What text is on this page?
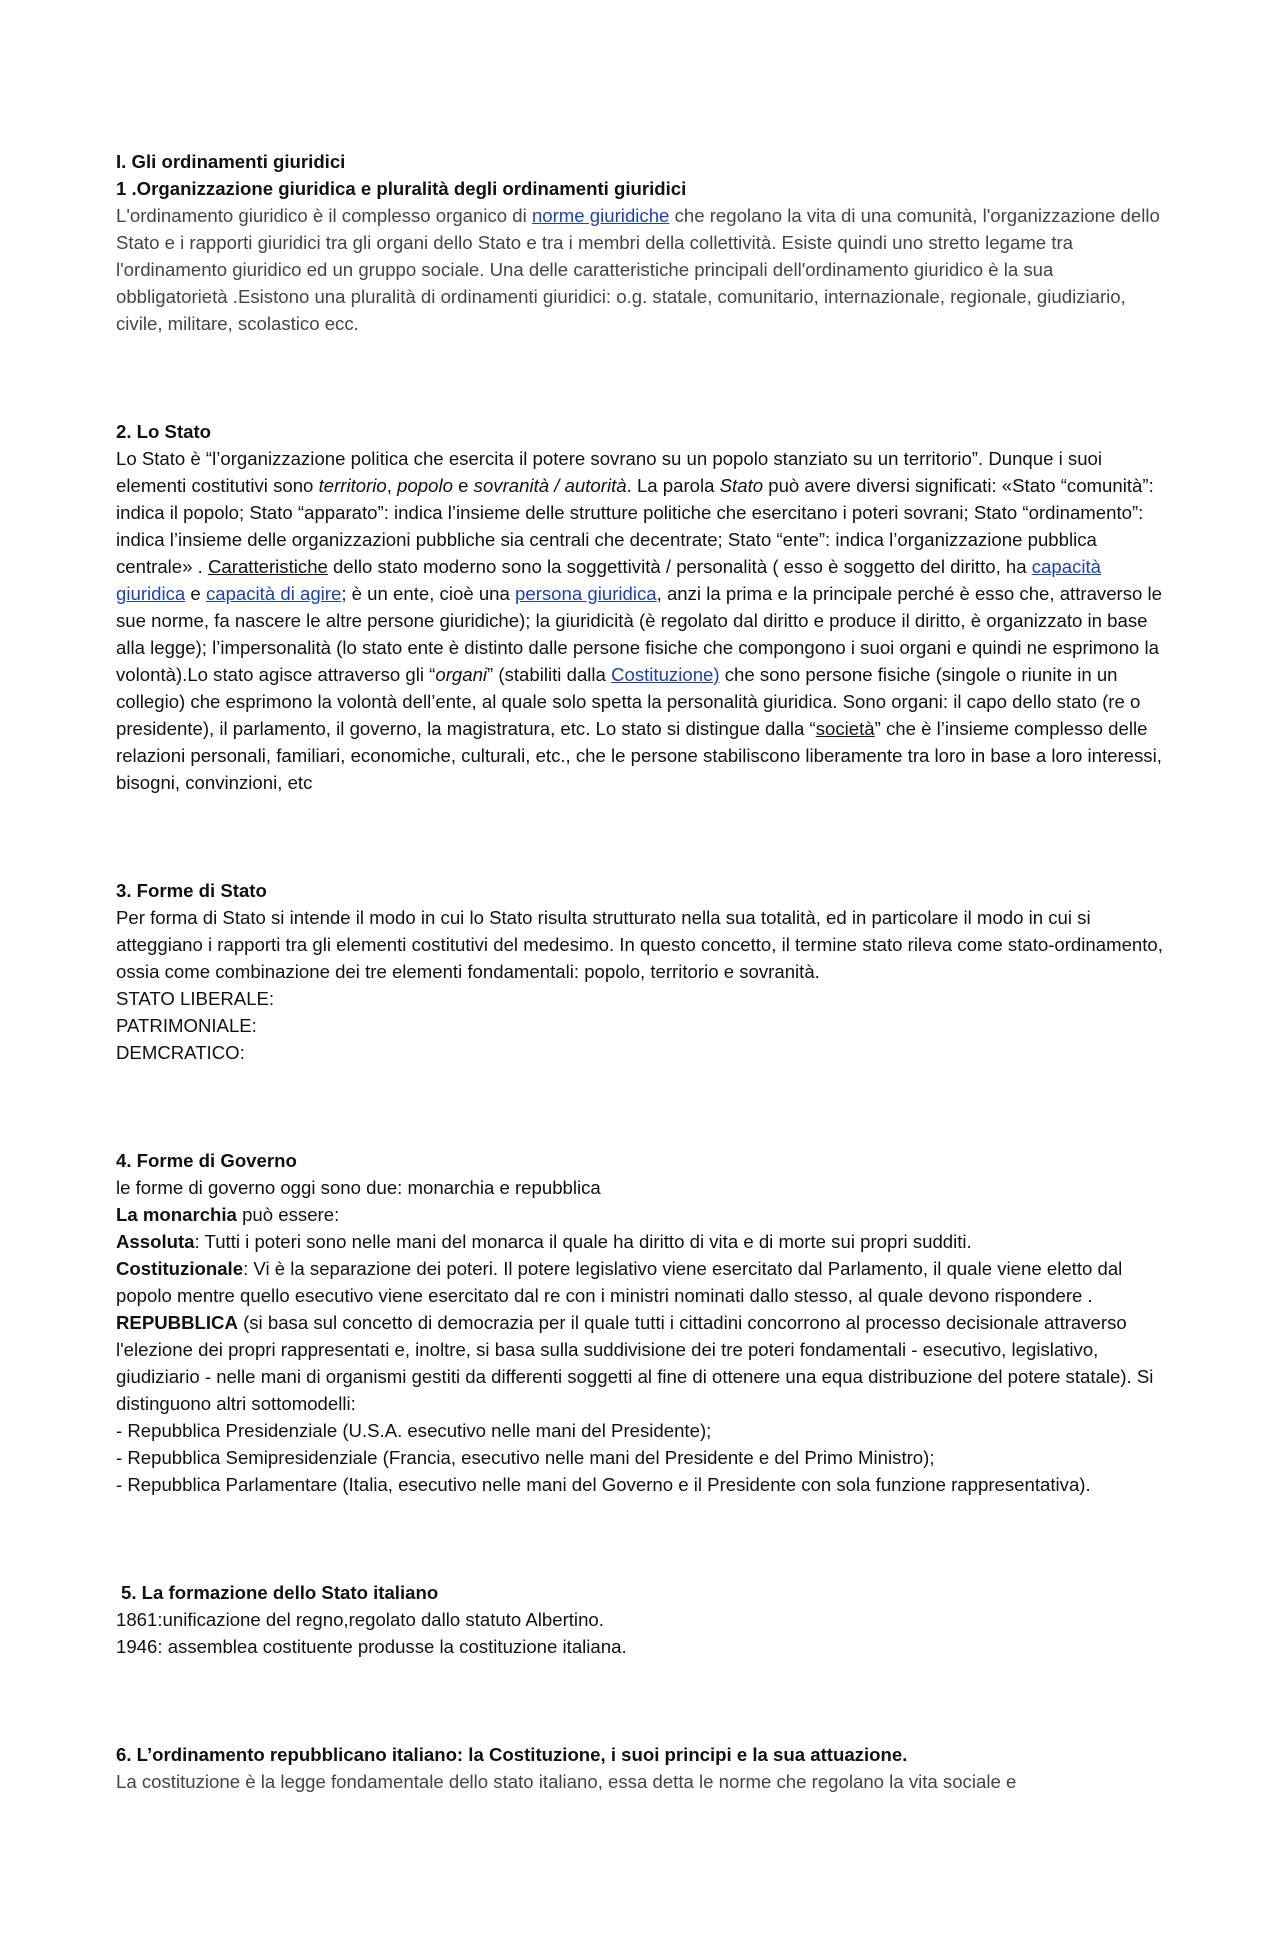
I. Gli ordinamenti giuridici

1 .Organizzazione giuridica e pluralità degli ordinamenti giuridici

L'ordinamento giuridico è il complesso organico di norme giuridiche che regolano la vita di una comunità, l'organizzazione dello Stato e i rapporti giuridici tra gli organi dello Stato e tra i membri della collettività. Esiste quindi uno stretto legame tra l'ordinamento giuridico ed un gruppo sociale. Una delle caratteristiche principali dell'ordinamento giuridico è la sua obbligatorietà .Esistono una pluralità di ordinamenti giuridici: o.g. statale, comunitario, internazionale, regionale, giudiziario, civile, militare, scolastico ecc.

2. Lo Stato

Lo Stato è “l’organizzazione politica che esercita il potere sovrano su un popolo stanziato su un territorio”. Dunque i suoi elementi costitutivi sono territorio, popolo e sovranità / autorità. La parola Stato può avere diversi significati: «Stato “comunità”: indica il popolo; Stato “apparato”: indica l’insieme delle strutture politiche che esercitano i poteri sovrani; Stato “ordinamento”: indica l’insieme delle organizzazioni pubbliche sia centrali che decentrate; Stato “ente”: indica l’organizzazione pubblica centrale» . Caratteristiche dello stato moderno sono la soggettività / personalità ( esso è soggetto del diritto, ha capacità giuridica e capacità di agire; è un ente, cioè una persona giuridica, anzi la prima e la principale perché è esso che, attraverso le sue norme, fa nascere le altre persone giuridiche); la giuridicità (è regolato dal diritto e produce il diritto, è organizzato in base alla legge); l’impersonalità (lo stato ente è distinto dalle persone fisiche che compongono i suoi organi e quindi ne esprimono la volontà).Lo stato agisce attraverso gli “organi” (stabiliti dalla Costituzione) che sono persone fisiche (singole o riunite in un collegio) che esprimono la volontà dell’ente, al quale solo spetta la personalità giuridica. Sono organi: il capo dello stato (re o presidente), il parlamento, il governo, la magistratura, etc. Lo stato si distingue dalla “società” che è l’insieme complesso delle relazioni personali, familiari, economiche, culturali, etc., che le persone stabiliscono liberamente tra loro in base a loro interessi, bisogni, convinzioni, etc

3. Forme di Stato

Per forma di Stato si intende il modo in cui lo Stato risulta strutturato nella sua totalità, ed in particolare il modo in cui si atteggiano i rapporti tra gli elementi costitutivi del medesimo. In questo concetto, il termine stato rileva come stato-ordinamento, ossia come combinazione dei tre elementi fondamentali: popolo, territorio e sovranità.

STATO LIBERALE:

PATRIMONIALE:

DEMCRATICO:

4. Forme di Governo

le forme di governo oggi sono due: monarchia e repubblica

La monarchia può essere:

Assoluta: Tutti i poteri sono nelle mani del monarca il quale ha diritto di vita e di morte sui propri sudditi.

Costituzionale: Vi è la separazione dei poteri. Il potere legislativo viene esercitato dal Parlamento, il quale viene eletto dal popolo mentre quello esecutivo viene esercitato dal re con i ministri nominati dallo stesso, al quale devono rispondere .

REPUBBLICA (si basa sul concetto di democrazia per il quale tutti i cittadini concorrono al processo decisionale attraverso l'elezione dei propri rappresentati e, inoltre, si basa sulla suddivisione dei tre poteri fondamentali - esecutivo, legislativo, giudiziario - nelle mani di organismi gestiti da differenti soggetti al fine di ottenere una equa distribuzione del potere statale). Si distinguono altri sottomodelli:

- Repubblica Presidenziale (U.S.A. esecutivo nelle mani del Presidente);

- Repubblica Semipresidenziale (Francia, esecutivo nelle mani del Presidente e del Primo Ministro);

- Repubblica Parlamentare (Italia, esecutivo nelle mani del Governo e il Presidente con sola funzione rappresentativa).

5. La formazione dello Stato italiano

1861:unificazione del regno,regolato dallo statuto Albertino.

1946: assemblea costituente produsse la costituzione italiana.

6. L’ordinamento repubblicano italiano: la Costituzione, i suoi principi e la sua attuazione.

La costituzione è la legge fondamentale dello stato italiano, essa detta le norme che regolano la vita sociale e
